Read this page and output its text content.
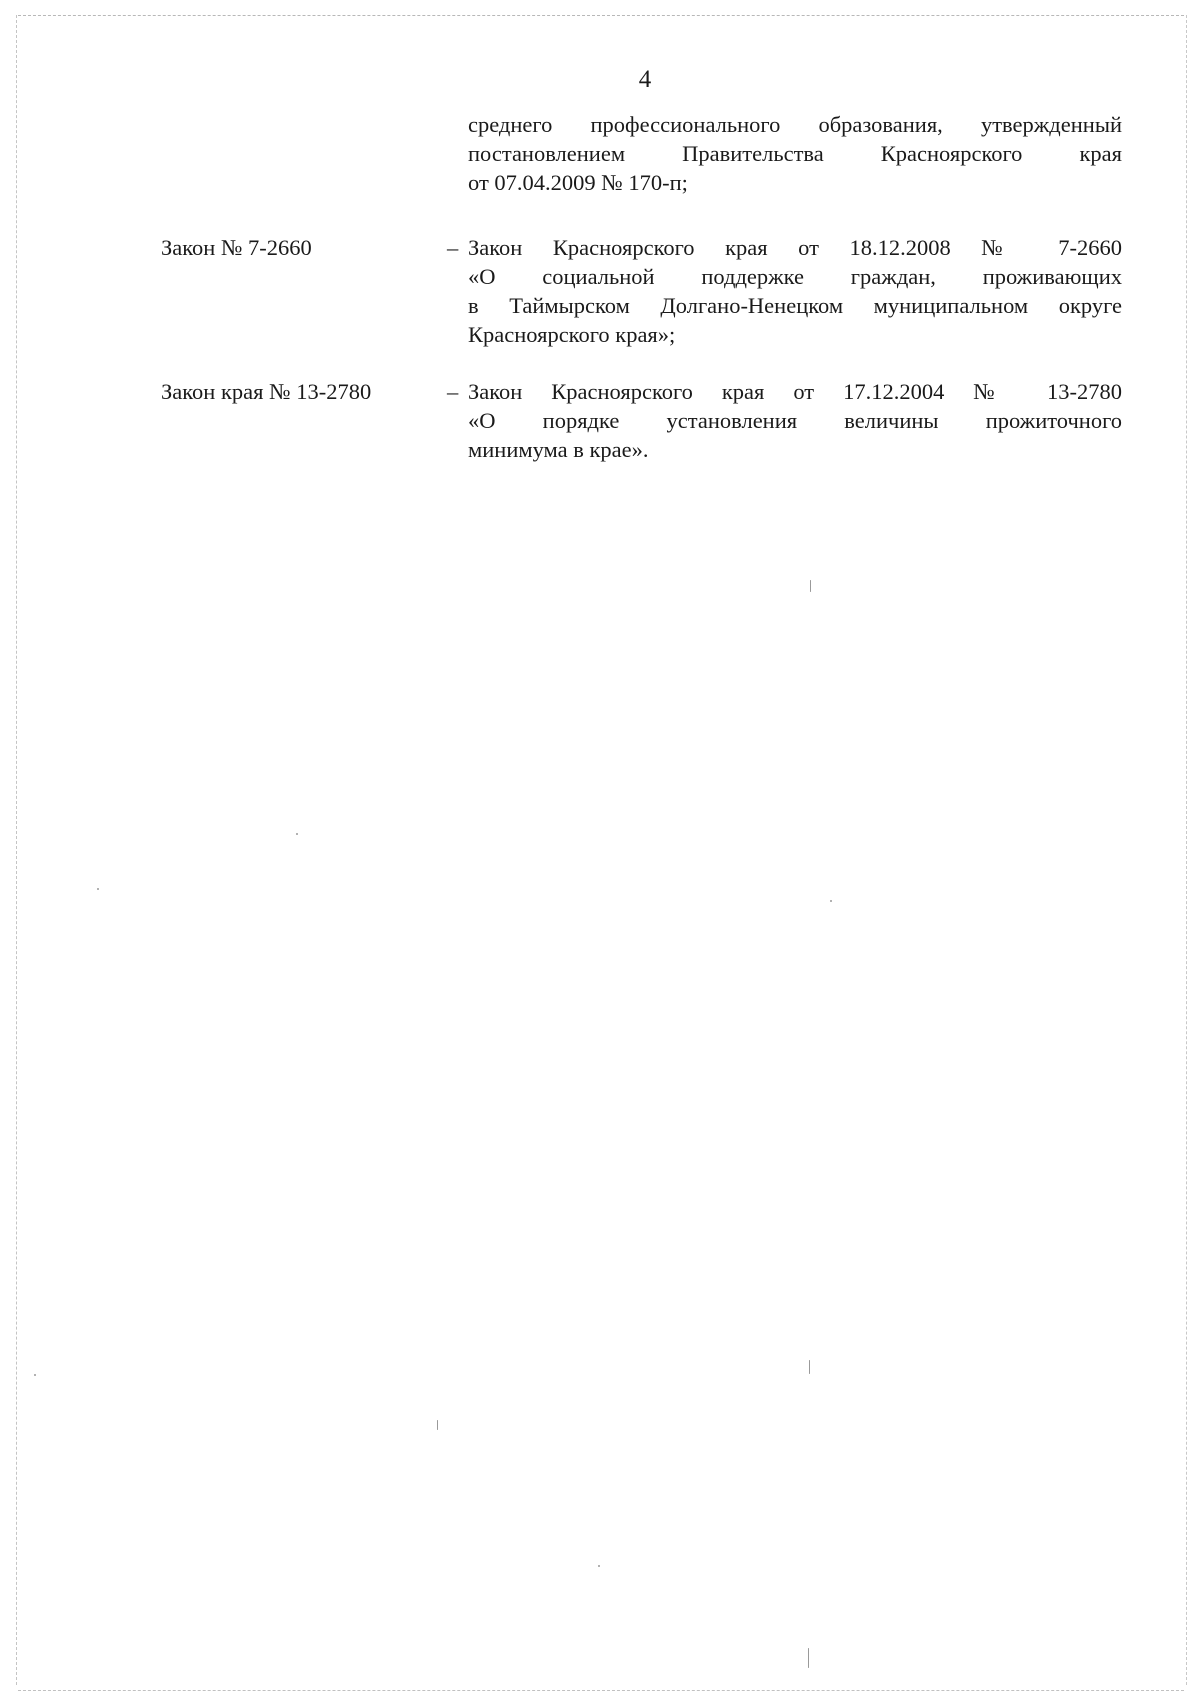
4
среднего профессионального образования, утвержденный
постановлением Правительства Красноярского края
от 07.04.2009 № 170-п;
Закон № 7-2660	– Закон Красноярского края от 18.12.2008 № 7-2660
«О социальной поддержке граждан, проживающих
в Таймырском Долгано-Ненецком муниципальном округе
Красноярского края»;
Закон края № 13-2780	– Закон Красноярского края от 17.12.2004 № 13-2780
«О порядке установления величины прожиточного
минимума в крае».
